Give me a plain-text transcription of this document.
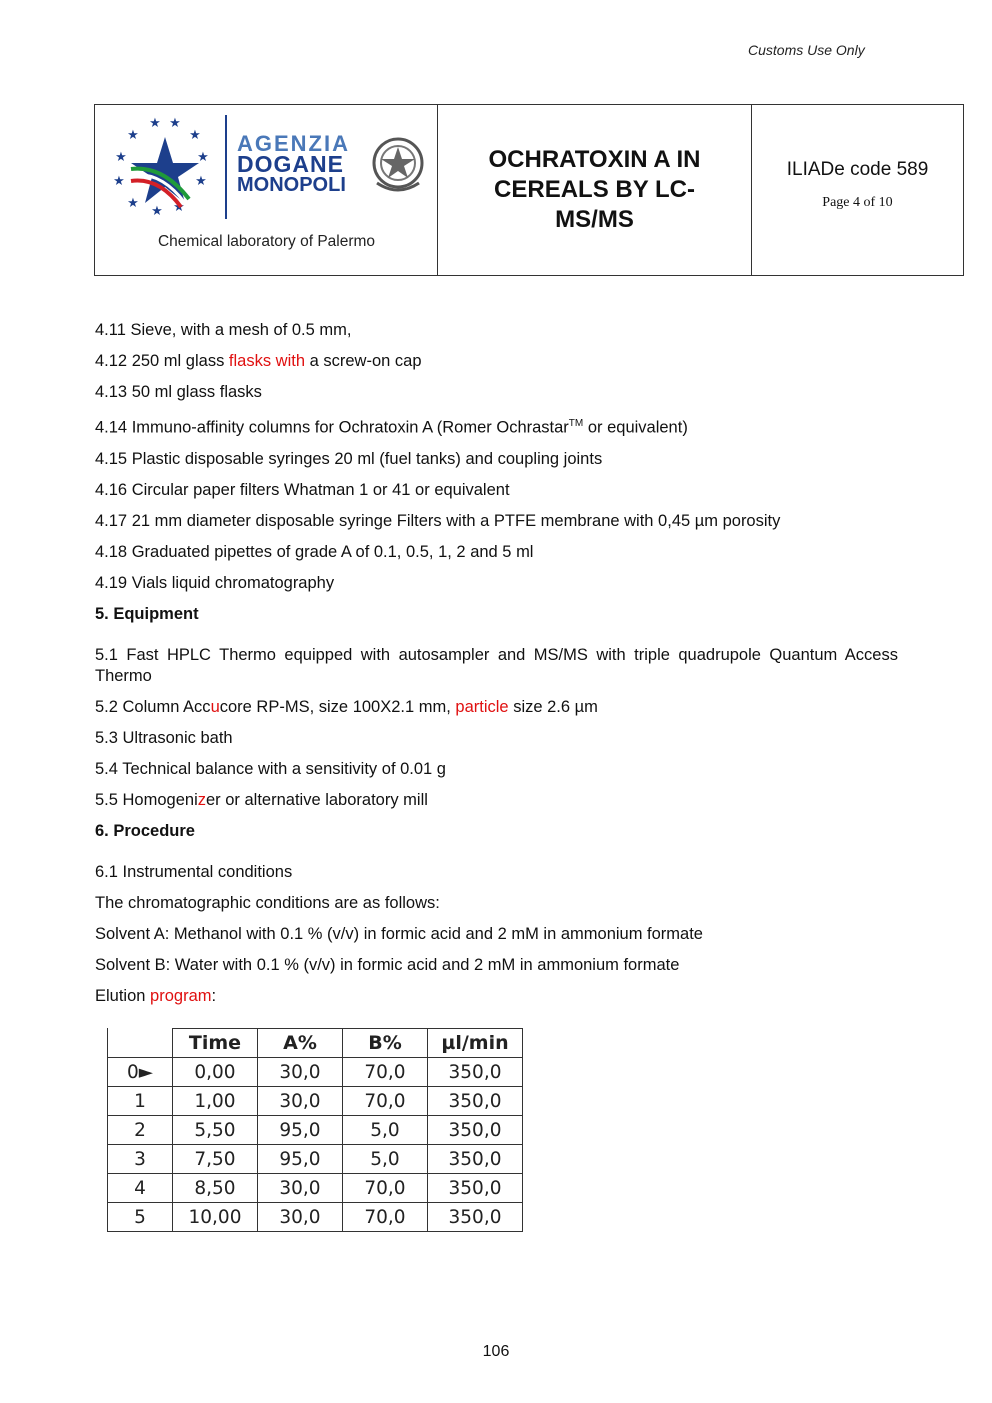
Customs Use Only
★ ★
★	★
★	★
★	★
★
★ ★
AGENZIA
DOGANE
MONOPOLI
Chemical laboratory of Palermo
OCHRATOXIN A IN CEREALS BY LC-MS/MS
ILIADe code 589
Page 4 of 10
4.11 Sieve, with a mesh of 0.5 mm,
4.12 250 ml glass flasks with a screw-on cap
4.13 50 ml glass flasks
4.14 Immuno-affinity columns for Ochratoxin A (Romer Ochrastar™ or equivalent)
4.15 Plastic disposable syringes 20 ml (fuel tanks) and coupling joints
4.16 Circular paper filters Whatman 1 or 41 or equivalent
4.17 21 mm diameter disposable syringe Filters with a PTFE membrane with 0,45 µm porosity
4.18 Graduated pipettes of grade A of 0.1, 0.5, 1, 2 and 5 ml
4.19 Vials liquid chromatography
5. Equipment
5.1 Fast HPLC Thermo equipped with autosampler and MS/MS with triple quadrupole Quantum Access Thermo
5.2 Column Accucore RP-MS, size 100X2.1 mm, particle size 2.6 µm
5.3 Ultrasonic bath
5.4 Technical balance with a sensitivity of 0.01 g
5.5 Homogenizer or alternative laboratory mill
6. Procedure
6.1 Instrumental conditions
The chromatographic conditions are as follows:
Solvent A: Methanol with 0.1 % (v/v) in formic acid and 2 mM in ammonium formate
Solvent B: Water with 0.1 % (v/v) in formic acid and 2 mM in ammonium formate
Elution program:
	Time	A%	B%	µl/min
0►	0,00	30,0	70,0	350,0
1	1,00	30,0	70,0	350,0
2	5,50	95,0	5,0	350,0
3	7,50	95,0	5,0	350,0
4	8,50	30,0	70,0	350,0
5	10,00	30,0	70,0	350,0
106
